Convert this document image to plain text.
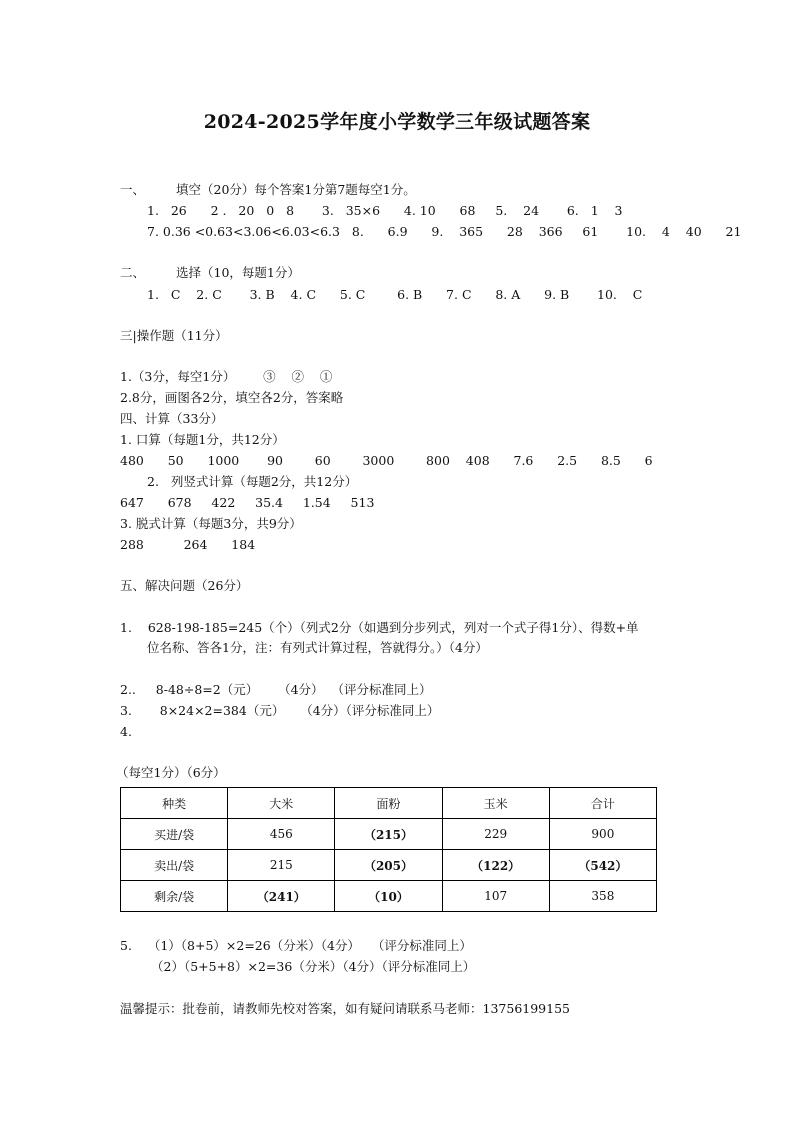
2024-2025学年度小学数学三年级试题答案
一、 填空（20分）每个答案1分第7题每空1分。
1.   26      2 .   20   0   8       3.   35×6      4. 10      68     5.    24       6.   1    3
7. 0.36 <0.63<3.06<6.03<6.3   8.      6.9      9.    365      28    366     61       10.    4    40      21
二、 选择（10，每题1分）
1.   C    2. C       3. B    4. C      5. C        6. B      7. C      8. A      9. B       10.    C
三|操作题（11分）
1.（3分，每空1分）       ③    ②    ①
2.8分，画图各2分，填空各2分，答案略
四、计算（33分）
1. 口算（每题1分，共12分）
480      50      1000       90        60        3000        800    408      7.6      2.5      8.5      6
2.   列竖式计算（每题2分，共12分）
647      678     422     35.4     1.54     513
3. 脱式计算（每题3分，共9分）
288          264      184
五、解决问题（26分）
1.    628-198-185=245（个）（列式2分（如遇到分步列式，列对一个式子得1分）、得数+单
位名称、答各1分，注：有列式计算过程，答就得分。）（4分）
2..     8-48÷8=2（元）     （4分）  （评分标准同上）
3.       8×24×2=384（元）    （4分）（评分标准同上）
4.
（每空1分）（6分）
种类	大米	面粉	玉米	合计
买进/袋	456	（215）	229	900
卖出/袋	215	（205）	（122）	（542）
剩余/袋	（241）	（10）	107	358
5.    （1）（8+5）×2=26（分米）（4分）   （评分标准同上）
（2）（5+5+8）×2=36（分米）（4分）（评分标准同上）
温馨提示：批卷前，请教师先校对答案，如有疑问请联系马老师：13756199155
